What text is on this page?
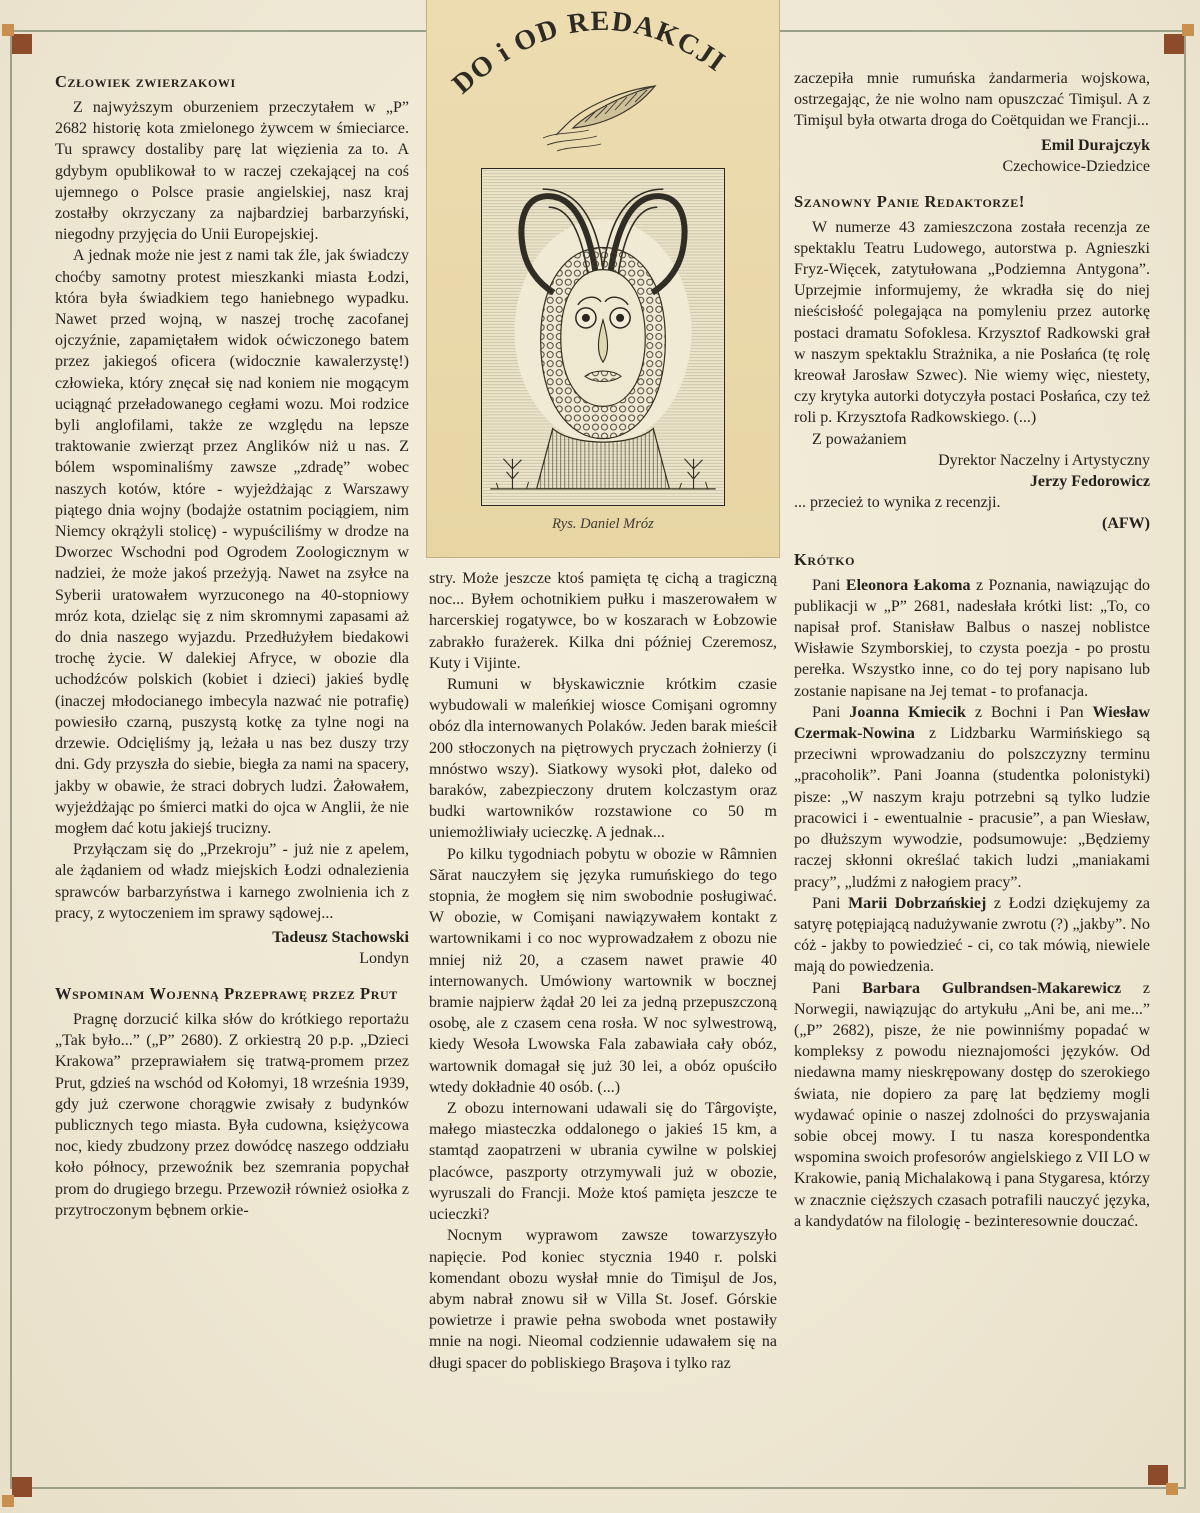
DO i OD REDAKCJI
Rys. Daniel Mróz
Człowiek zwierzakowi

Z najwyższym oburzeniem przeczytałem w „P” 2682 historię kota zmielonego żywcem w śmieciarce. Tu sprawcy dostaliby parę lat więzienia za to. A gdybym opublikował to w raczej czekającej na coś ujemnego o Polsce prasie angielskiej, nasz kraj zostałby okrzyczany za najbardziej barbarzyński, niegodny przyjęcia do Unii Europejskiej.

A jednak może nie jest z nami tak źle, jak świadczy choćby samotny protest mieszkanki miasta Łodzi, która była świadkiem tego haniebnego wypadku. Nawet przed wojną, w naszej trochę zacofanej ojczyźnie, zapamiętałem widok oćwiczonego batem przez jakiegoś oficera (widocznie kawalerzystę!) człowieka, który znęcał się nad koniem nie mogącym uciągnąć przeładowanego cegłami wozu. Moi rodzice byli anglofilami, także ze względu na lepsze traktowanie zwierząt przez Anglików niż u nas. Z bólem wspominaliśmy zawsze „zdradę” wobec naszych kotów, które - wyjeżdżając z Warszawy piątego dnia wojny (bodajże ostatnim pociągiem, nim Niemcy okrążyli stolicę) - wypuściliśmy w drodze na Dworzec Wschodni pod Ogrodem Zoologicznym w nadziei, że może jakoś przeżyją. Nawet na zsyłce na Syberii uratowałem wyrzuconego na 40-stopniowy mróz kota, dzieląc się z nim skromnymi zapasami aż do dnia naszego wyjazdu. Przedłużyłem biedakowi trochę życie. W dalekiej Afryce, w obozie dla uchodźców polskich (kobiet i dzieci) jakieś bydlę (inaczej młodocianego imbecyla nazwać nie potrafię) powiesiło czarną, puszystą kotkę za tylne nogi na drzewie. Odcięliśmy ją, leżała u nas bez duszy trzy dni. Gdy przyszła do siebie, biegła za nami na spacery, jakby w obawie, że straci dobrych ludzi. Żałowałem, wyjeżdżając po śmierci matki do ojca w Anglii, że nie mogłem dać kotu jakiejś trucizny.

Przyłączam się do „Przekroju” - już nie z apelem, ale żądaniem od władz miejskich Łodzi odnalezienia sprawców barbarzyństwa i karnego zwolnienia ich z pracy, z wytoczeniem im sprawy sądowej...

Tadeusz Stachowski
Londyn
Wspominam Wojenną Przeprawę przez Prut

Pragnę dorzucić kilka słów do krótkiego reportażu „Tak było...” („P” 2680). Z orkiestrą 20 p.p. „Dzieci Krakowa” przeprawiałem się tratwą-promem przez Prut, gdzieś na wschód od Kołomyi, 18 września 1939, gdy już czerwone chorągwie zwisały z budynków publicznych tego miasta. Była cudowna, księżycowa noc, kiedy zbudzony przez dowódcę naszego oddziału koło północy, przewoźnik bez szemrania popychał prom do drugiego brzegu. Przewoził również osiołka z przytroczonym bębnem orkie-

stry. Może jeszcze ktoś pamięta tę cichą a tragiczną noc... Byłem ochotnikiem pułku i maszerowałem w harcerskiej rogatywce, bo w koszarach w Łobzowie zabrakło furażerek. Kilka dni później Czeremosz, Kuty i Vijinte.

Rumuni w błyskawicznie krótkim czasie wybudowali w maleńkiej wiosce Comişani ogromny obóz dla internowanych Polaków. Jeden barak mieścił 200 stłoczonych na piętrowych pryczach żołnierzy (i mnóstwo wszy). Siatkowy wysoki płot, daleko od baraków, zabezpieczony drutem kolczastym oraz budki wartowników rozstawione co 50 m uniemożliwiały ucieczkę. A jednak...

Po kilku tygodniach pobytu w obozie w Râmnien Sărat nauczyłem się języka rumuńskiego do tego stopnia, że mogłem się nim swobodnie posługiwać. W obozie, w Comişani nawiązywałem kontakt z wartownikami i co noc wyprowadzałem z obozu nie mniej niż 20, a czasem nawet prawie 40 internowanych. Umówiony wartownik w bocznej bramie najpierw żądał 20 lei za jedną przepuszczoną osobę, ale z czasem cena rosła. W noc sylwestrową, kiedy Wesoła Lwowska Fala zabawiała cały obóz, wartownik domagał się już 30 lei, a obóz opuściło wtedy dokładnie 40 osób. (...)

Z obozu internowani udawali się do Târgovişte, małego miasteczka oddalonego o jakieś 15 km, a stamtąd zaopatrzeni w ubrania cywilne w polskiej placówce, paszporty otrzymywali już w obozie, wyruszali do Francji. Może ktoś pamięta jeszcze te ucieczki?

Nocnym wyprawom zawsze towarzyszyło napięcie. Pod koniec stycznia 1940 r. polski komendant obozu wysłał mnie do Timişul de Jos, abym nabrał znowu sił w Villa St. Josef. Górskie powietrze i prawie pełna swoboda wnet postawiły mnie na nogi. Nieomal codziennie udawałem się na długi spacer do pobliskiego Braşova i tylko raz

zaczepiła mnie rumuńska żandarmeria wojskowa, ostrzegając, że nie wolno nam opuszczać Timişul. A z Timişul była otwarta droga do Coëtquidan we Francji...

Emil Durajczyk
Czechowice-Dziedzice
Szanowny Panie Redaktorze!

W numerze 43 zamieszczona została recenzja ze spektaklu Teatru Ludowego, autorstwa p. Agnieszki Fryz-Więcek, zatytułowana „Podziemna Antygona”. Uprzejmie informujemy, że wkradła się do niej nieścisłość polegająca na pomyleniu przez autorkę postaci dramatu Sofoklesa. Krzysztof Radkowski grał w naszym spektaklu Strażnika, a nie Posłańca (tę rolę kreował Jarosław Szwec). Nie wiemy więc, niestety, czy krytyka autorki dotyczyła postaci Posłańca, czy też roli p. Krzysztofa Radkowskiego. (...)

Z poważaniem

Dyrektor Naczelny i Artystyczny

Jerzy Fedorowicz

... przecież to wynika z recenzji.

(AFW)

Krótko

Pani Eleonora Łakoma z Poznania, nawiązując do publikacji w „P” 2681, nadesłała krótki list: „To, co napisał prof. Stanisław Balbus o naszej noblistce Wisławie Szymborskiej, to czysta poezja - po prostu perełka. Wszystko inne, co do tej pory napisano lub zostanie napisane na Jej temat - to profanacja.

Pani Joanna Kmiecik z Bochni i Pan Wiesław Czermak-Nowina z Lidzbarku Warmińskiego są przeciwni wprowadzaniu do polszczyzny terminu „pracoholik”. Pani Joanna (studentka polonistyki) pisze: „W naszym kraju potrzebni są tylko ludzie pracowici i - ewentualnie - pracusie”, a pan Wiesław, po dłuższym wywodzie, podsumowuje: „Będziemy raczej skłonni określać takich ludzi „maniakami pracy”, „ludźmi z nałogiem pracy”.

Pani Marii Dobrzańskiej z Łodzi dziękujemy za satyrę potępiającą nadużywanie zwrotu (?) „jakby”. No cóż - jakby to powiedzieć - ci, co tak mówią, niewiele mają do powiedzenia.

Pani Barbara Gulbrandsen-Makarewicz z Norwegii, nawiązując do artykułu „Ani be, ani me...” („P” 2682), pisze, że nie powinniśmy popadać w kompleksy z powodu nieznajomości języków. Od niedawna mamy nieskrępowany dostęp do szerokiego świata, nie dopiero za parę lat będziemy mogli wydawać opinie o naszej zdolności do przyswajania sobie obcej mowy. I tu nasza korespondentka wspomina swoich profesorów angielskiego z VII LO w Krakowie, panią Michalakową i pana Stygaresa, którzy w znacznie cięższych czasach potrafili nauczyć języka, a kandydatów na filologię - bezinteresownie douczać.
